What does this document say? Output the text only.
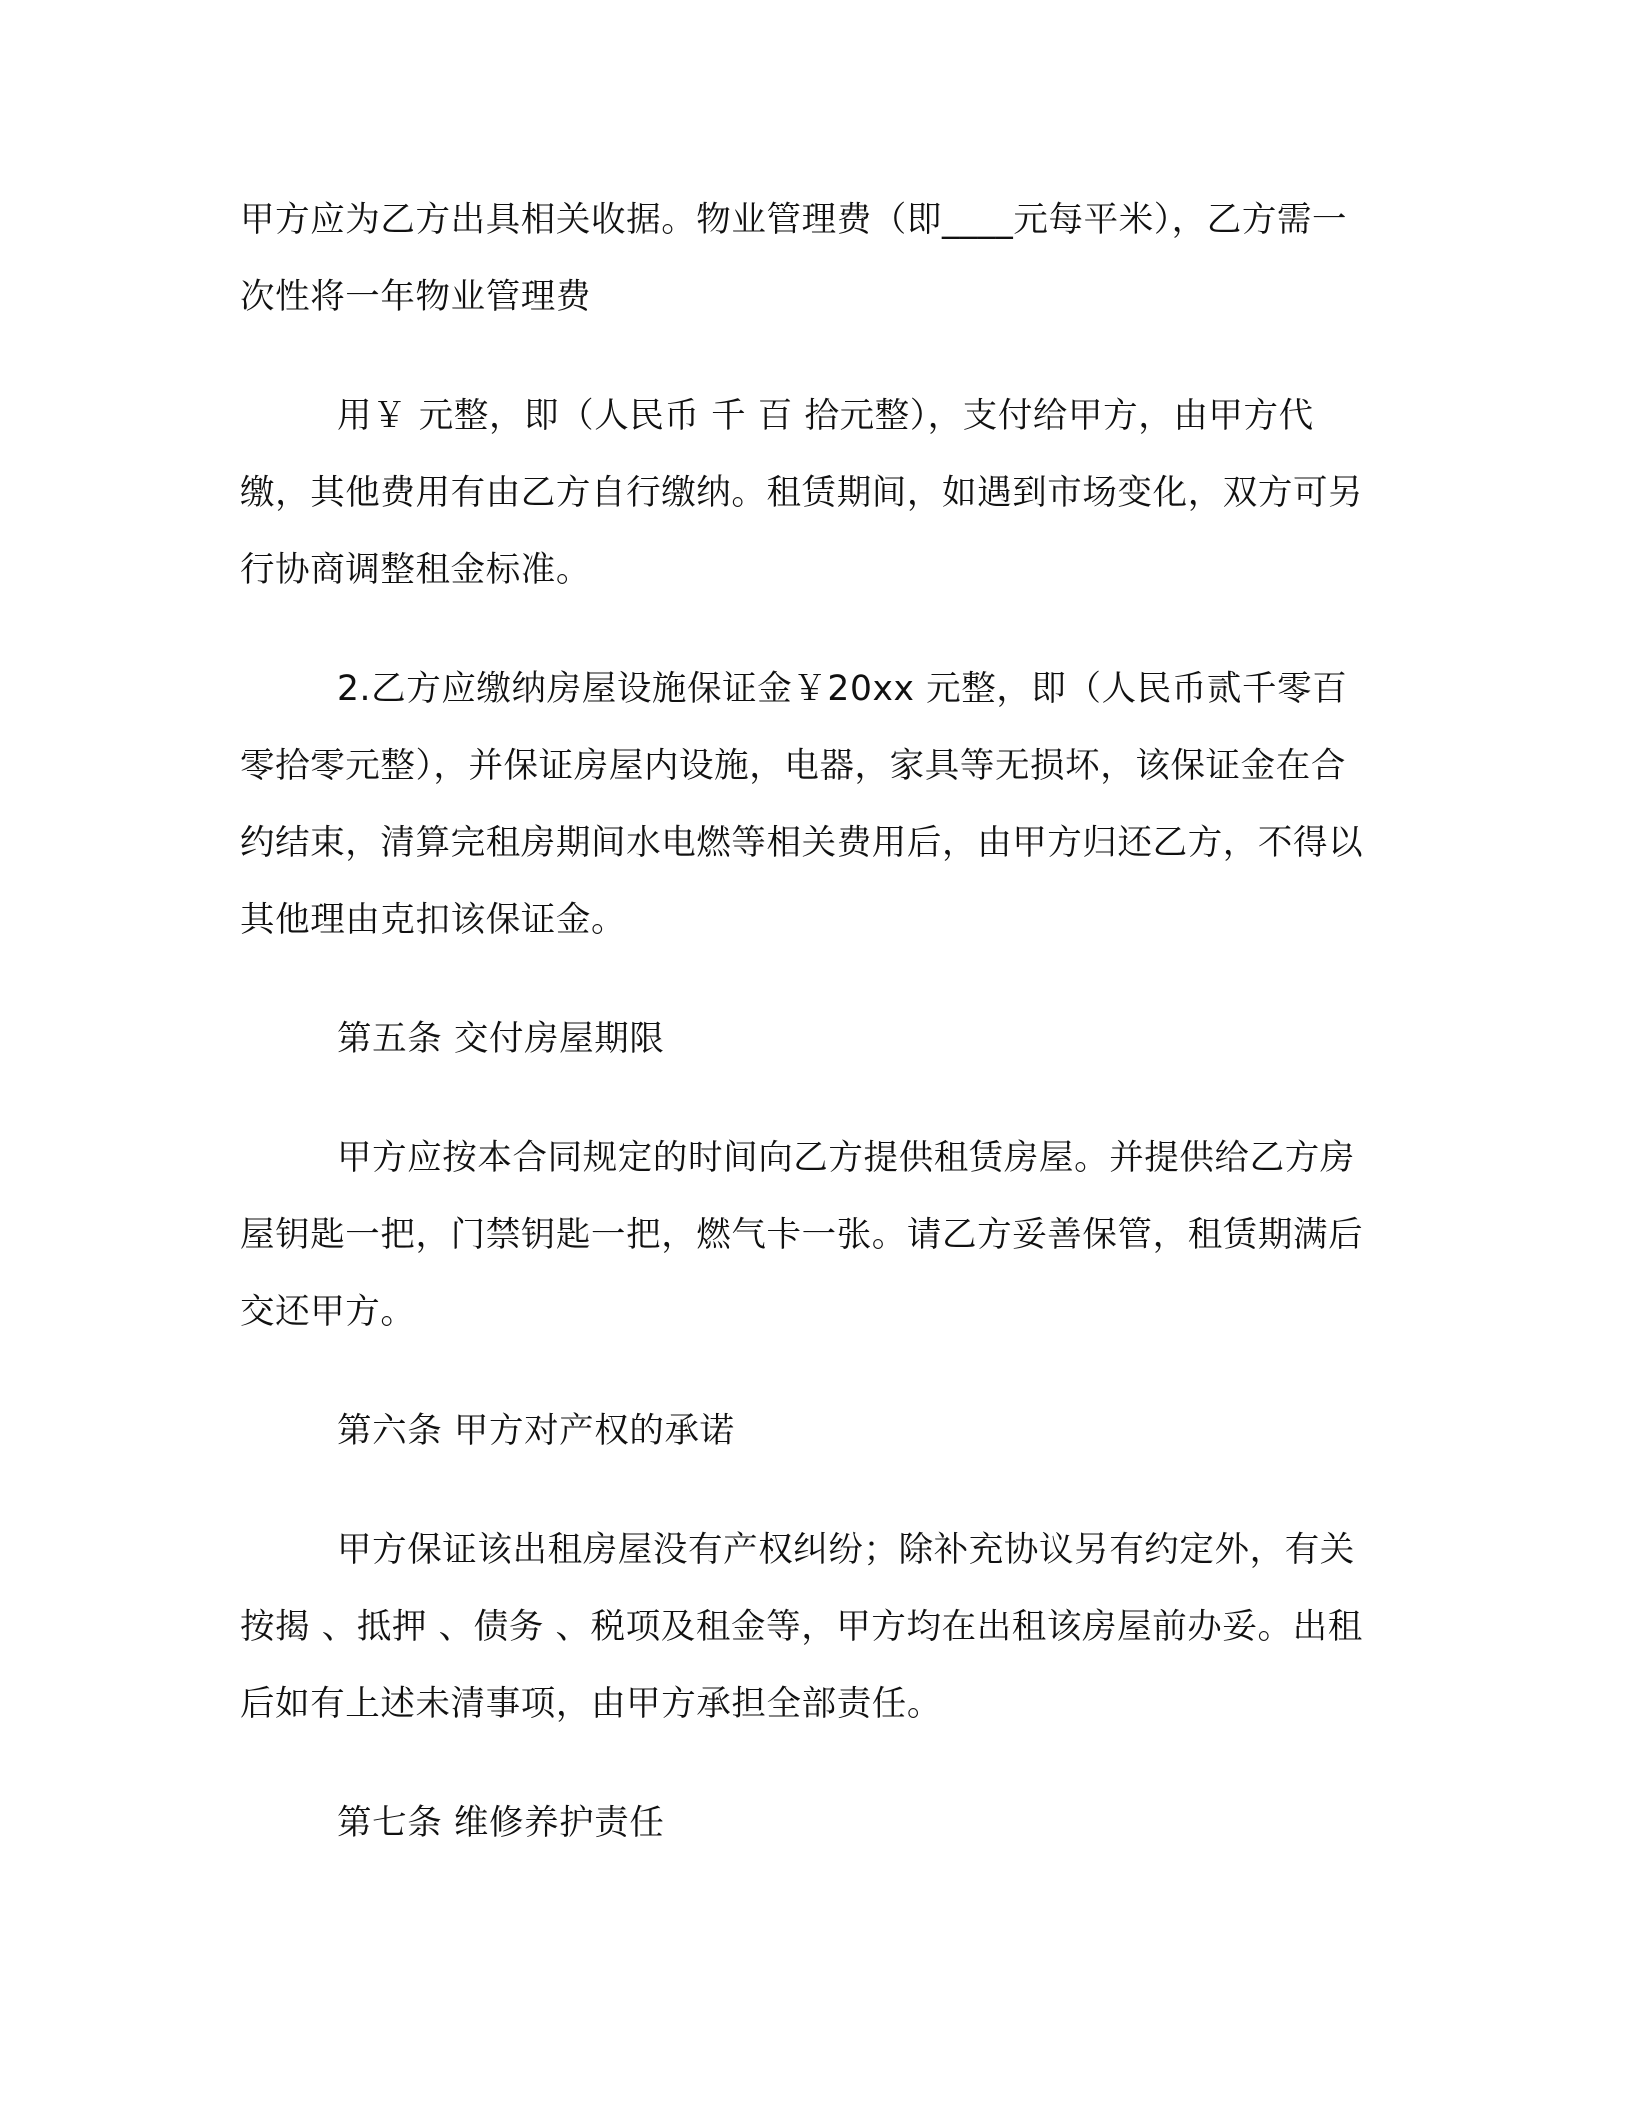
甲方应为乙方出具相关收据。物业管理费（即____元每平米），乙方需一次性将一年物业管理费

用￥ 元整，即（人民币 千 百 拾元整），支付给甲方，由甲方代缴，其他费用有由乙方自行缴纳。租赁期间，如遇到市场变化，双方可另行协商调整租金标准。

2.乙方应缴纳房屋设施保证金￥20xx 元整，即（人民币贰千零百零拾零元整），并保证房屋内设施，电器，家具等无损坏，该保证金在合约结束，清算完租房期间水电燃等相关费用后，由甲方归还乙方，不得以其他理由克扣该保证金。

第五条 交付房屋期限

甲方应按本合同规定的时间向乙方提供租赁房屋。并提供给乙方房屋钥匙一把，门禁钥匙一把，燃气卡一张。请乙方妥善保管，租赁期满后交还甲方。

第六条 甲方对产权的承诺

甲方保证该出租房屋没有产权纠纷；除补充协议另有约定外，有关按揭 、抵押 、债务 、税项及租金等，甲方均在出租该房屋前办妥。出租后如有上述未清事项，由甲方承担全部责任。

第七条 维修养护责任
